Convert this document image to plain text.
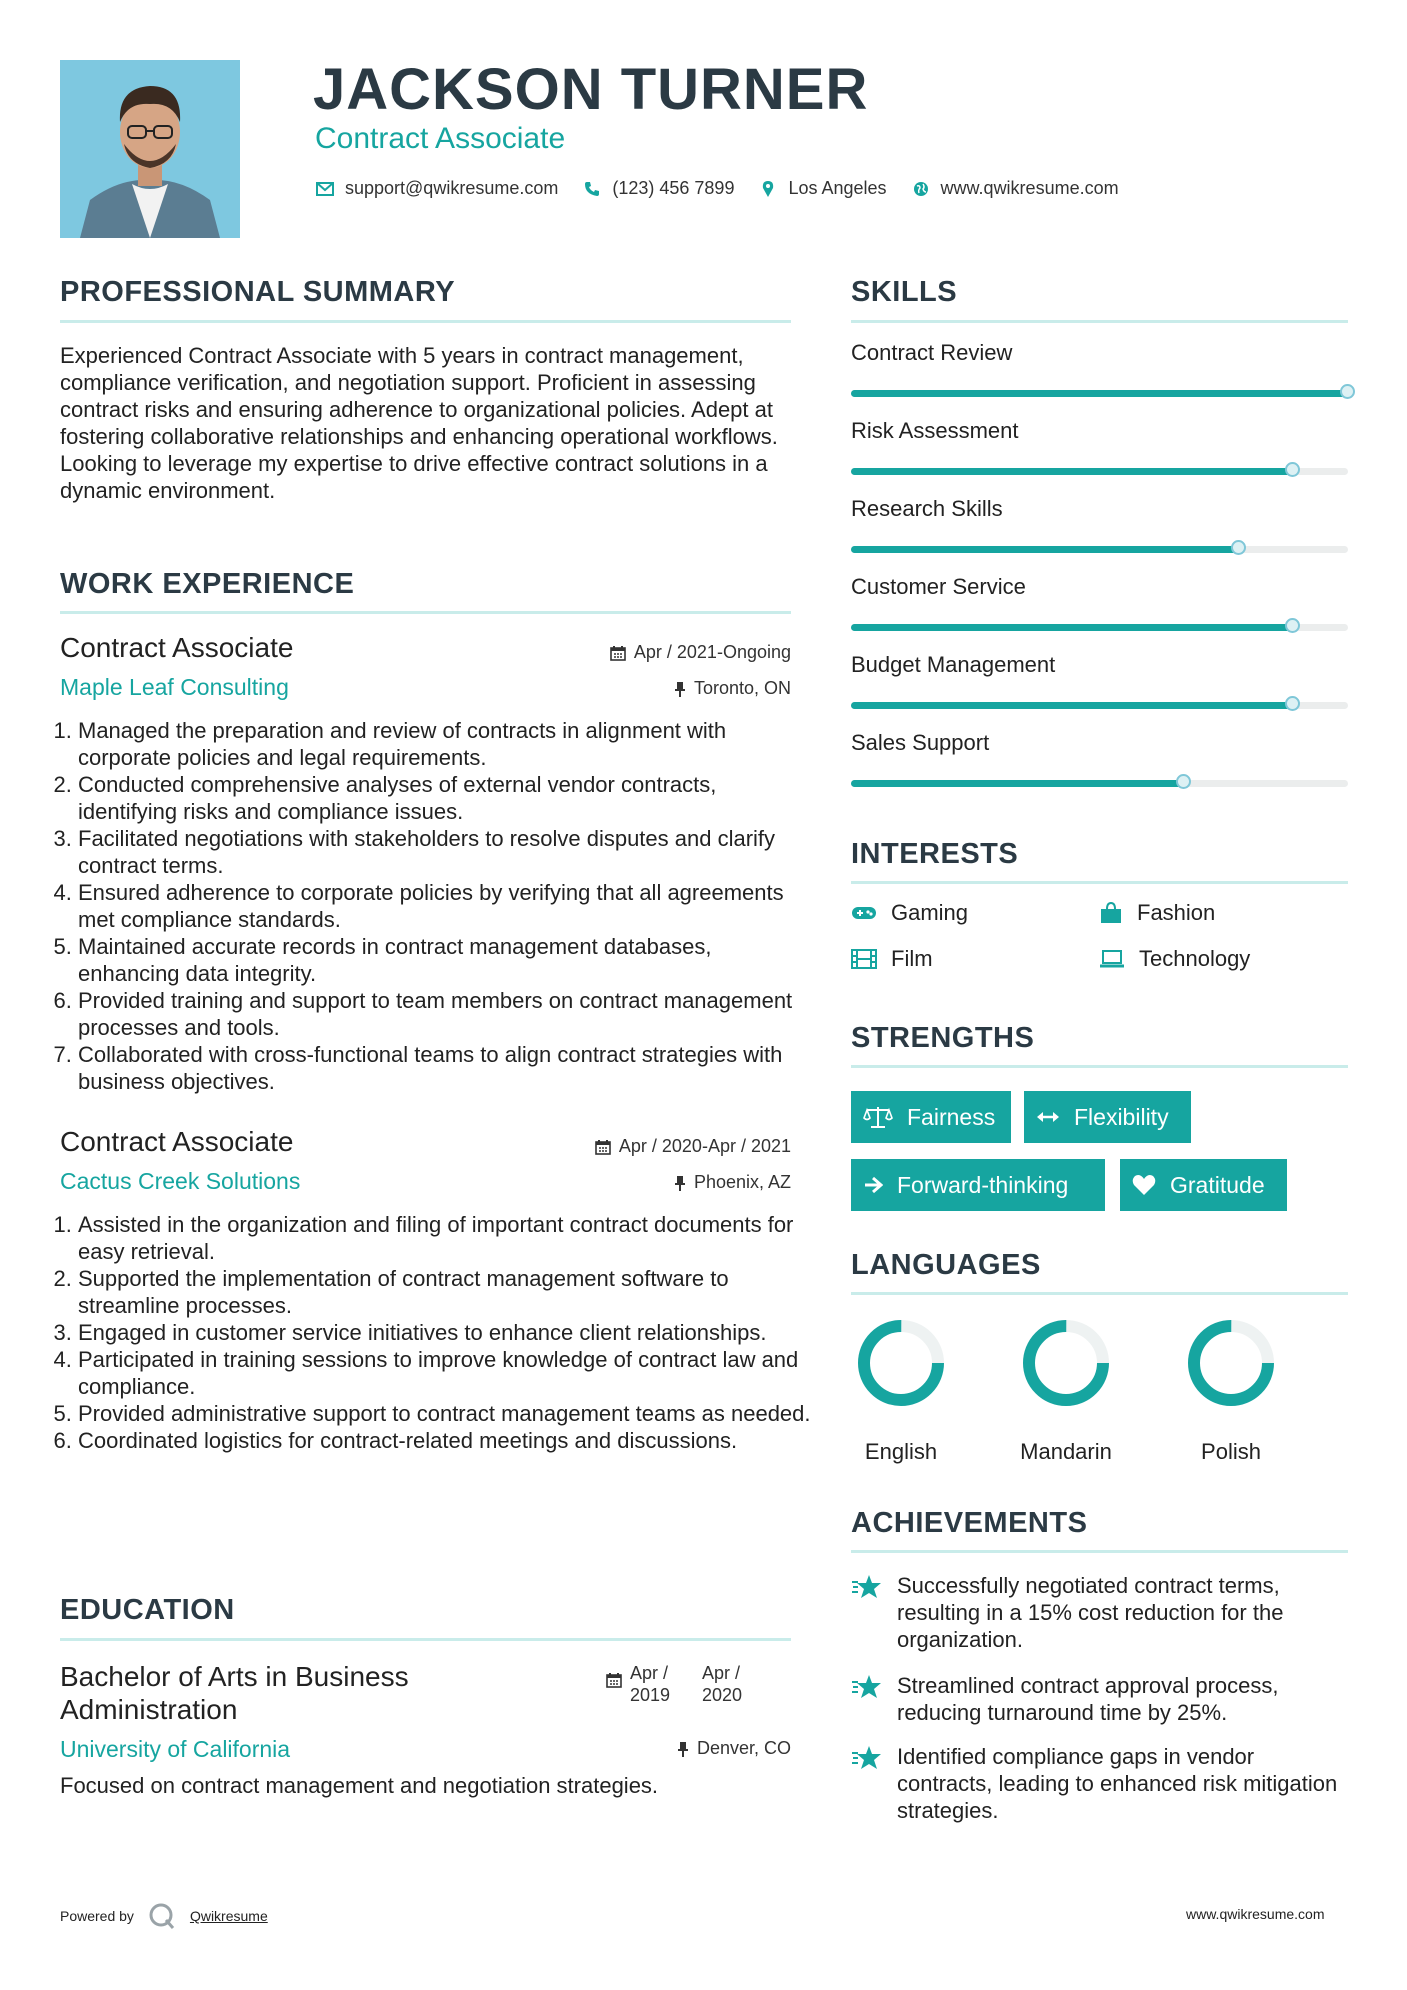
JACKSON TURNER
Contract Associate
support@qwikresume.com	(123) 456 7899	Los Angeles	www.qwikresume.com
PROFESSIONAL SUMMARY
Experienced Contract Associate with 5 years in contract management, compliance verification, and negotiation support. Proficient in assessing contract risks and ensuring adherence to organizational policies. Adept at fostering collaborative relationships and enhancing operational workflows. Looking to leverage my expertise to drive effective contract solutions in a dynamic environment.
WORK EXPERIENCE
Contract Associate	Apr / 2021-Ongoing
Maple Leaf Consulting	Toronto, ON
1. Managed the preparation and review of contracts in alignment with corporate policies and legal requirements.
2. Conducted comprehensive analyses of external vendor contracts, identifying risks and compliance issues.
3. Facilitated negotiations with stakeholders to resolve disputes and clarify contract terms.
4. Ensured adherence to corporate policies by verifying that all agreements met compliance standards.
5. Maintained accurate records in contract management databases, enhancing data integrity.
6. Provided training and support to team members on contract management processes and tools.
7. Collaborated with cross-functional teams to align contract strategies with business objectives.
Contract Associate	Apr / 2020-Apr / 2021
Cactus Creek Solutions	Phoenix, AZ
1. Assisted in the organization and filing of important contract documents for easy retrieval.
2. Supported the implementation of contract management software to streamline processes.
3. Engaged in customer service initiatives to enhance client relationships.
4. Participated in training sessions to improve knowledge of contract law and compliance.
5. Provided administrative support to contract management teams as needed.
6. Coordinated logistics for contract-related meetings and discussions.
EDUCATION
Bachelor of Arts in Business Administration
Apr / 2019
Apr / 2020
University of California	Denver, CO
Focused on contract management and negotiation strategies.
SKILLS
Contract Review
Risk Assessment
Research Skills
Customer Service
Budget Management
Sales Support
INTERESTS
Gaming	Fashion
Film	Technology
STRENGTHS
Fairness	Flexibility
Forward-thinking	Gratitude
LANGUAGES
English	Mandarin	Polish
ACHIEVEMENTS
Successfully negotiated contract terms, resulting in a 15% cost reduction for the organization.
Streamlined contract approval process, reducing turnaround time by 25%.
Identified compliance gaps in vendor contracts, leading to enhanced risk mitigation strategies.
Powered by	Qwikresume	www.qwikresume.com
